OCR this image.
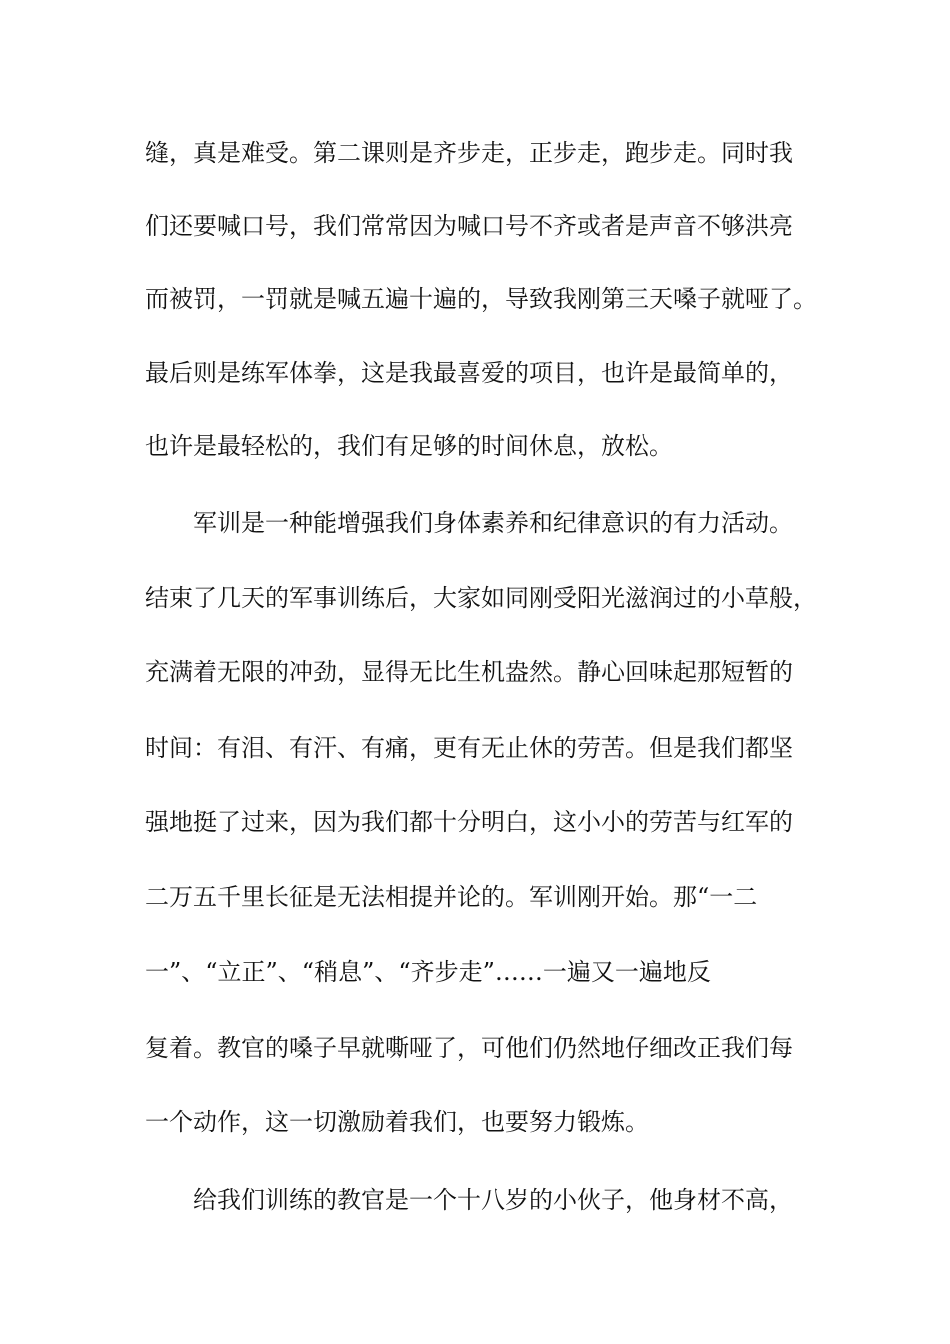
缝，真是难受。第二课则是齐步走，正步走，跑步走。同时我
们还要喊口号，我们常常因为喊口号不齐或者是声音不够洪亮
而被罚，一罚就是喊五遍十遍的，导致我刚第三天嗓子就哑了。
最后则是练军体拳，这是我最喜爱的项目，也许是最简单的，
也许是最轻松的，我们有足够的时间休息，放松。
军训是一种能增强我们身体素养和纪律意识的有力活动。
结束了几天的军事训练后，大家如同刚受阳光滋润过的小草般，
充满着无限的冲劲，显得无比生机盎然。静心回味起那短暂的
时间：有泪、有汗、有痛，更有无止休的劳苦。但是我们都坚
强地挺了过来，因为我们都十分明白，这小小的劳苦与红军的
二万五千里长征是无法相提并论的。军训刚开始。那“一二
一”、“立正”、“稍息”、“齐步走”……一遍又一遍地反
复着。教官的嗓子早就嘶哑了，可他们仍然地仔细改正我们每
一个动作，这一切激励着我们，也要努力锻炼。
给我们训练的教官是一个十八岁的小伙子，他身材不高，
